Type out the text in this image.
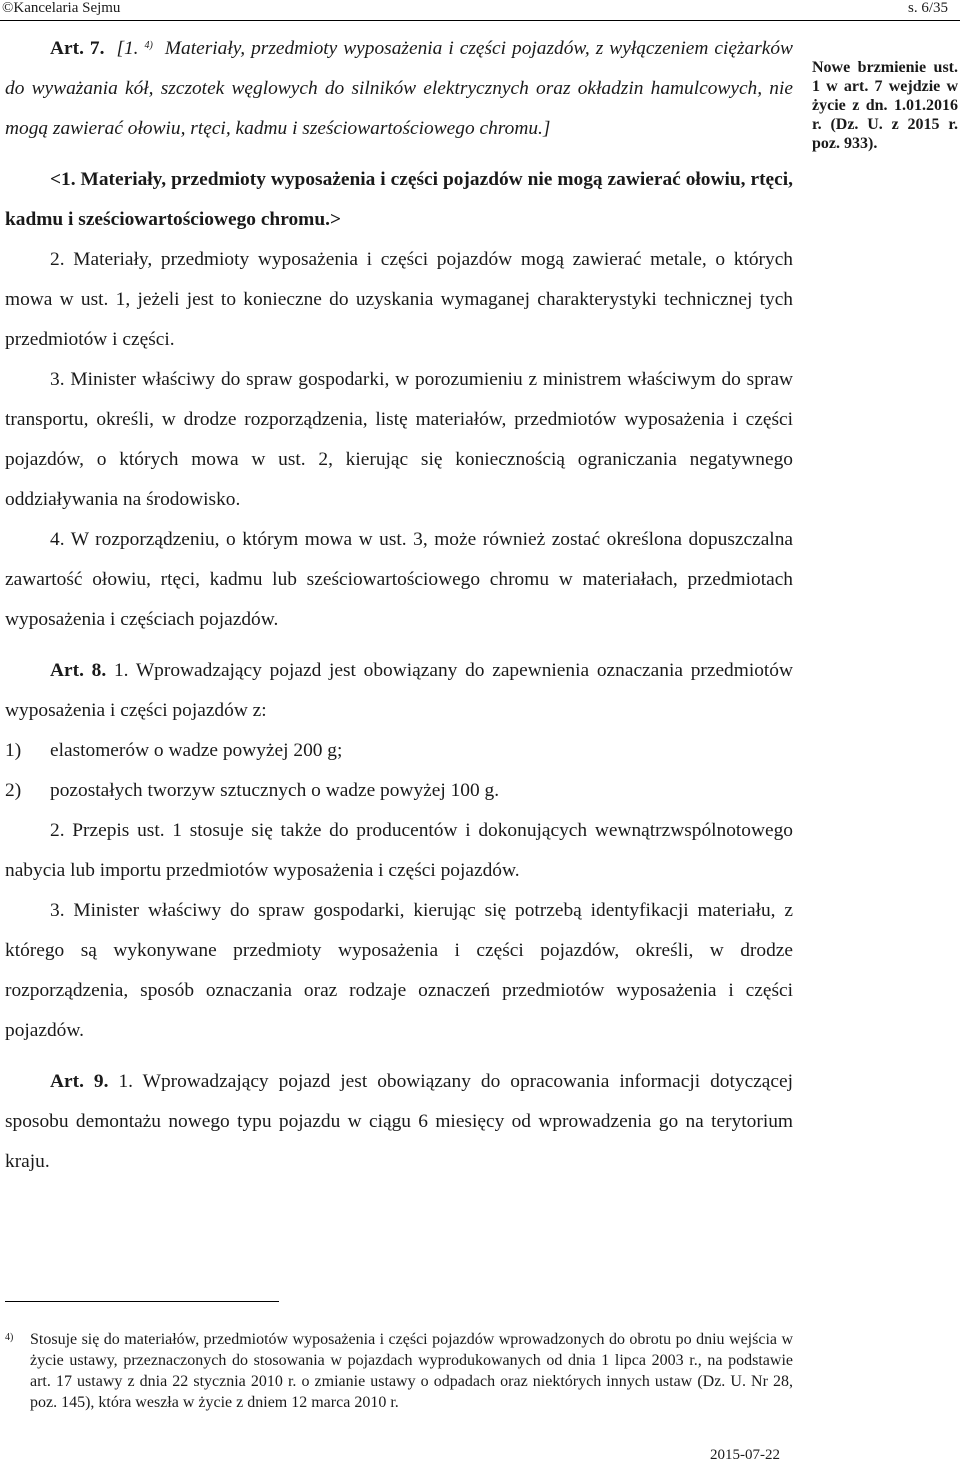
©Kancelaria Sejmu	s. 6/35

Art. 7. [1. $^{4)}$ Materiały, przedmioty wyposażenia i części pojazdów, z wyłączeniem ciężarków do wyważania kół, szczotek węglowych do silników elektrycznych oraz okładzin hamulcowych, nie mogą zawierać ołowiu, rtęci, kadmu i sześciowartościowego chromu.]

<1. Materiały, przedmioty wyposażenia i części pojazdów nie mogą zawierać ołowiu, rtęci, kadmu i sześciowartościowego chromu.>

2. Materiały, przedmioty wyposażenia i części pojazdów mogą zawierać metale, o których mowa w ust. 1, jeżeli jest to konieczne do uzyskania wymaganej charakterystyki technicznej tych przedmiotów i części.

3. Minister właściwy do spraw gospodarki, w porozumieniu z ministrem właściwym do spraw transportu, określi, w drodze rozporządzenia, listę materiałów, przedmiotów wyposażenia i części pojazdów, o których mowa w ust. 2, kierując się koniecznością ograniczania negatywnego oddziaływania na środowisko.

4. W rozporządzeniu, o którym mowa w ust. 3, może również zostać określona dopuszczalna zawartość ołowiu, rtęci, kadmu lub sześciowartościowego chromu w materiałach, przedmiotach wyposażenia i częściach pojazdów.

Art. 8. 1. Wprowadzający pojazd jest obowiązany do zapewnienia oznaczania przedmiotów wyposażenia i części pojazdów z:

1) elastomerów o wadze powyżej 200 g;

2) pozostałych tworzyw sztucznych o wadze powyżej 100 g.

2. Przepis ust. 1 stosuje się także do producentów i dokonujących wewnątrzwspólnotowego nabycia lub importu przedmiotów wyposażenia i części pojazdów.

3. Minister właściwy do spraw gospodarki, kierując się potrzebą identyfikacji materiału, z którego są wykonywane przedmioty wyposażenia i części pojazdów, określi, w drodze rozporządzenia, sposób oznaczania oraz rodzaje oznaczeń przedmiotów wyposażenia i części pojazdów.

Art. 9. 1. Wprowadzający pojazd jest obowiązany do opracowania informacji dotyczącej sposobu demontażu nowego typu pojazdu w ciągu 6 miesięcy od wprowadzenia go na terytorium kraju.

Nowe brzmienie ust. 1 w art. 7 wejdzie w życie z dn. 1.01.2016 r. (Dz. U. z 2015 r. poz. 933).
4) Stosuje się do materiałów, przedmiotów wyposażenia i części pojazdów wprowadzonych do obrotu po dniu wejścia w życie ustawy, przeznaczonych do stosowania w pojazdach wyprodukowanych od dnia 1 lipca 2003 r., na podstawie art. 17 ustawy z dnia 22 stycznia 2010 r. o zmianie ustawy o odpadach oraz niektórych innych ustaw (Dz. U. Nr 28, poz. 145), która weszła w życie z dniem 12 marca 2010 r.
2015-07-22
